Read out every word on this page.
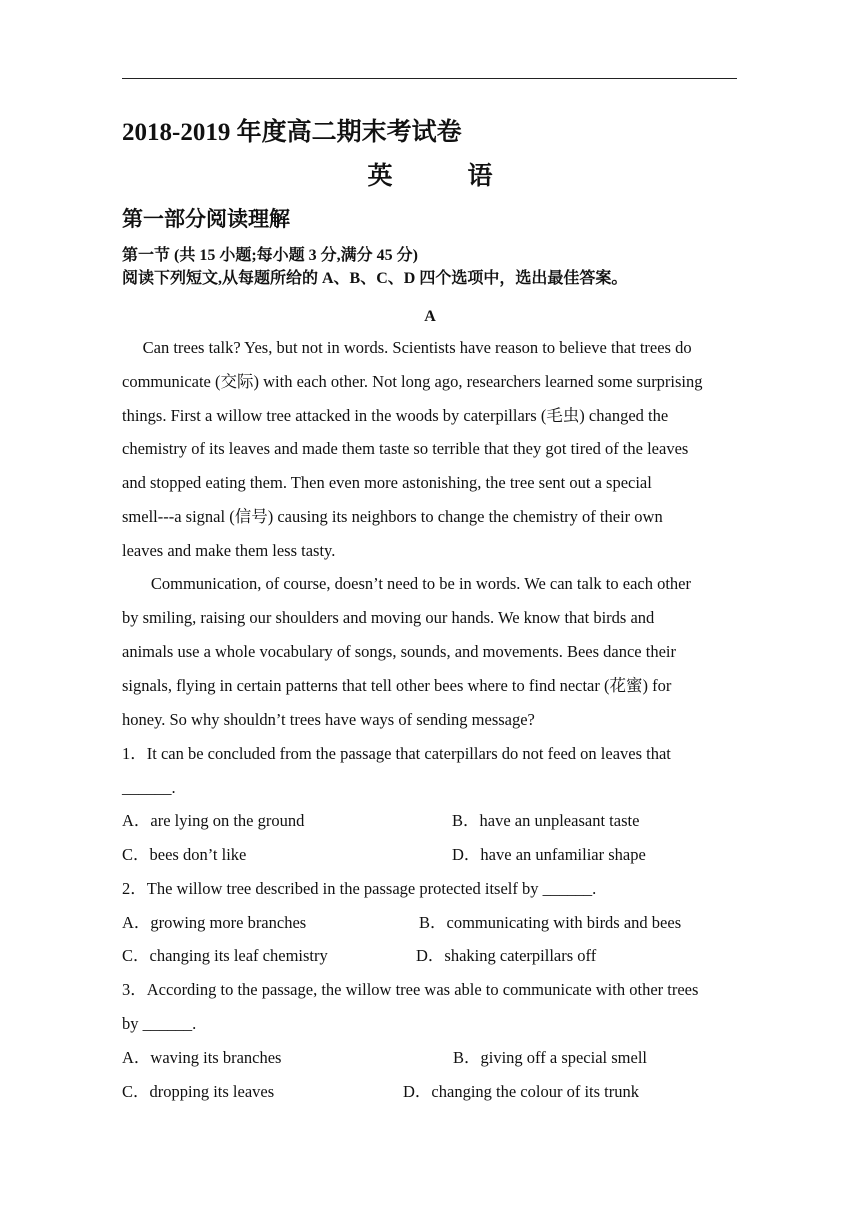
2018-2019 年度高二期末考试卷
英　　　语
第一部分阅读理解
第一节 (共 15 小题;每小题 3 分,满分 45 分)
阅读下列短文,从每题所给的 A、B、C、D 四个选项中，选出最佳答案。
A
Can trees talk? Yes, but not in words. Scientists have reason to believe that trees do
communicate (交际) with each other. Not long ago, researchers learned some surprising
things. First a willow tree attacked in the woods by caterpillars (毛虫) changed the
chemistry of its leaves and made them taste so terrible that they got tired of the leaves
and stopped eating them. Then even more astonishing, the tree sent out a special
smell---a signal (信号) causing its neighbors to change the chemistry of their own
leaves and make them less tasty.
Communication, of course, doesn’t need to be in words. We can talk to each other
by smiling, raising our shoulders and moving our hands. We know that birds and
animals use a whole vocabulary of songs, sounds, and movements. Bees dance their
signals, flying in certain patterns that tell other bees where to find nectar (花蜜) for
honey. So why shouldn’t trees have ways of sending message?
1．It can be concluded from the passage that caterpillars do not feed on leaves that
______.
A．are lying on the ground	B．have an unpleasant taste
C．bees don’t like	D．have an unfamiliar shape
2．The willow tree described in the passage protected itself by ______.
A．growing more branches	B．communicating with birds and bees
C．changing its leaf chemistry	D．shaking caterpillars off
3．According to the passage, the willow tree was able to communicate with other trees
by ______.
A．waving its branches	B．giving off a special smell
C．dropping its leaves	D．changing the colour of its trunk
